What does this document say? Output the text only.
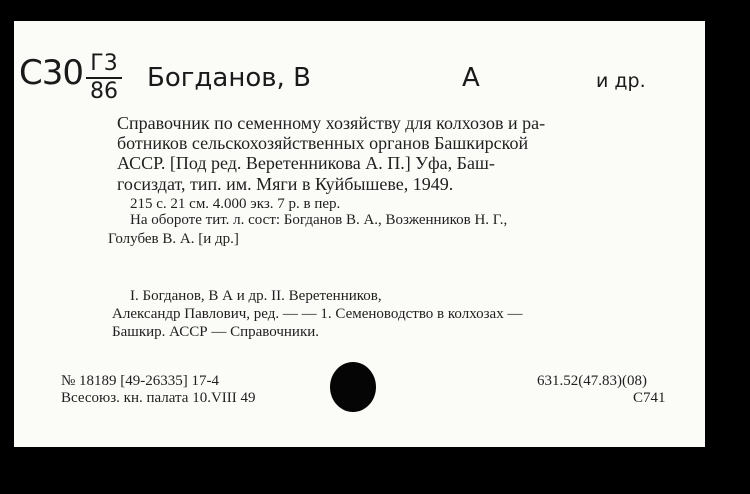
С30 Г3
86 Богданов, В	А	и др.
Справочник по семенному хозяйству для колхозов и ра-
ботников сельскохозяйственных органов Башкирской
АССР. [Под ред. Веретенникова А. П.] Уфа, Баш-
госиздат, тип. им. Мяги в Куйбышеве, 1949.
215 с. 21 см. 4.000 экз. 7 р. в пер.
На обороте тит. л. сост: Богданов В. А., Возженников Н. Г.,
Голубев В. А. [и др.]
I. Богданов, В А и др. II. Веретенников,
Александр Павлович, ред. — — 1. Семеноводство в колхозах —
Башкир. АССР — Справочники.
№ 18189 [49-26335] 17-4
Всесоюз. кн. палата 10.VIII 49
631.52(47.83)(08)
С741
